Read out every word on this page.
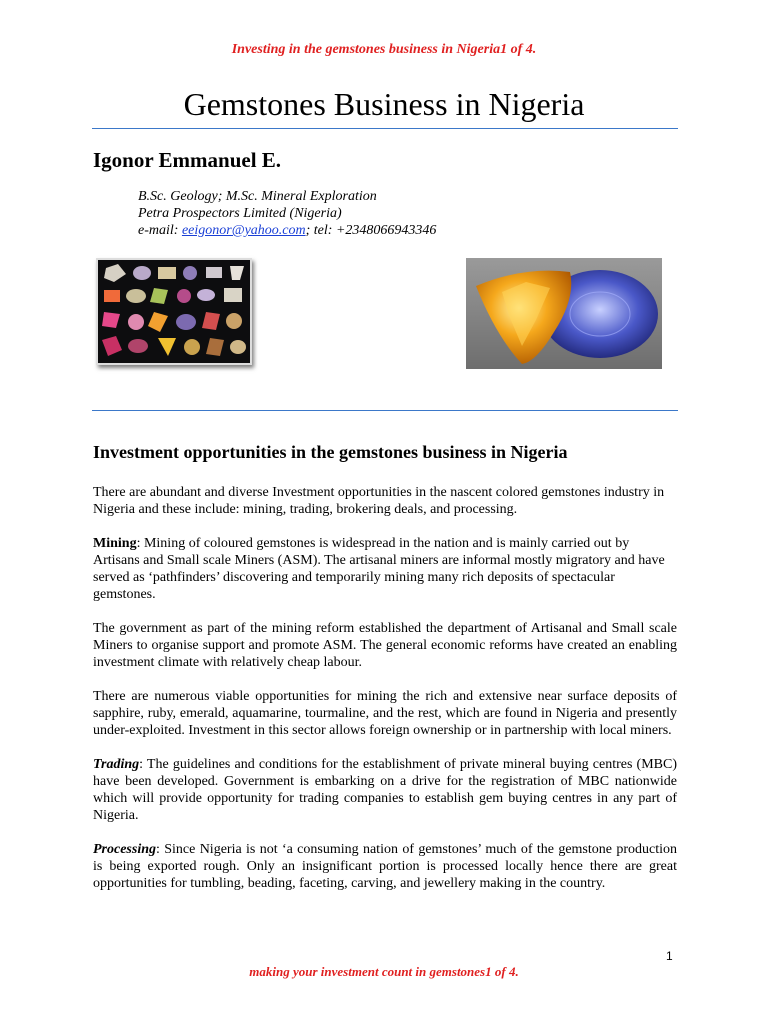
Investing in the gemstones business in Nigeria1 of 4.
Gemstones Business in Nigeria
Igonor Emmanuel E.
B.Sc. Geology; M.Sc. Mineral Exploration
Petra Prospectors Limited (Nigeria)
e-mail: eeigonor@yahoo.com; tel: +2348066943346
Investment opportunities in the gemstones business in Nigeria

There are abundant and diverse Investment opportunities in the nascent colored gemstones industry in Nigeria and these include: mining, trading, brokering deals, and processing.

Mining: Mining of coloured gemstones is widespread in the nation and is mainly carried out by Artisans and Small scale Miners (ASM). The artisanal miners are informal mostly migratory and have served as ‘pathfinders’ discovering and temporarily mining many rich deposits of spectacular gemstones.

The government as part of the mining reform established the department of Artisanal and Small scale Miners to organise support and promote ASM. The general economic reforms have created an enabling investment climate with relatively cheap labour.

There are numerous viable opportunities for mining the rich and extensive near surface deposits of sapphire, ruby, emerald, aquamarine, tourmaline, and the rest, which are found in Nigeria and presently under-exploited. Investment in this sector allows foreign ownership or in partnership with local miners.

Trading: The guidelines and conditions for the establishment of private mineral buying centres (MBC) have been developed. Government is embarking on a drive for the registration of MBC nationwide which will provide opportunity for trading companies to establish gem buying centres in any part of Nigeria.

Processing: Since Nigeria is not ‘a consuming nation of gemstones’ much of the gemstone production is being exported rough. Only an insignificant portion is processed locally hence there are great opportunities for tumbling, beading, faceting, carving, and jewellery making in the country.

1
making your investment count in gemstones1 of 4.
